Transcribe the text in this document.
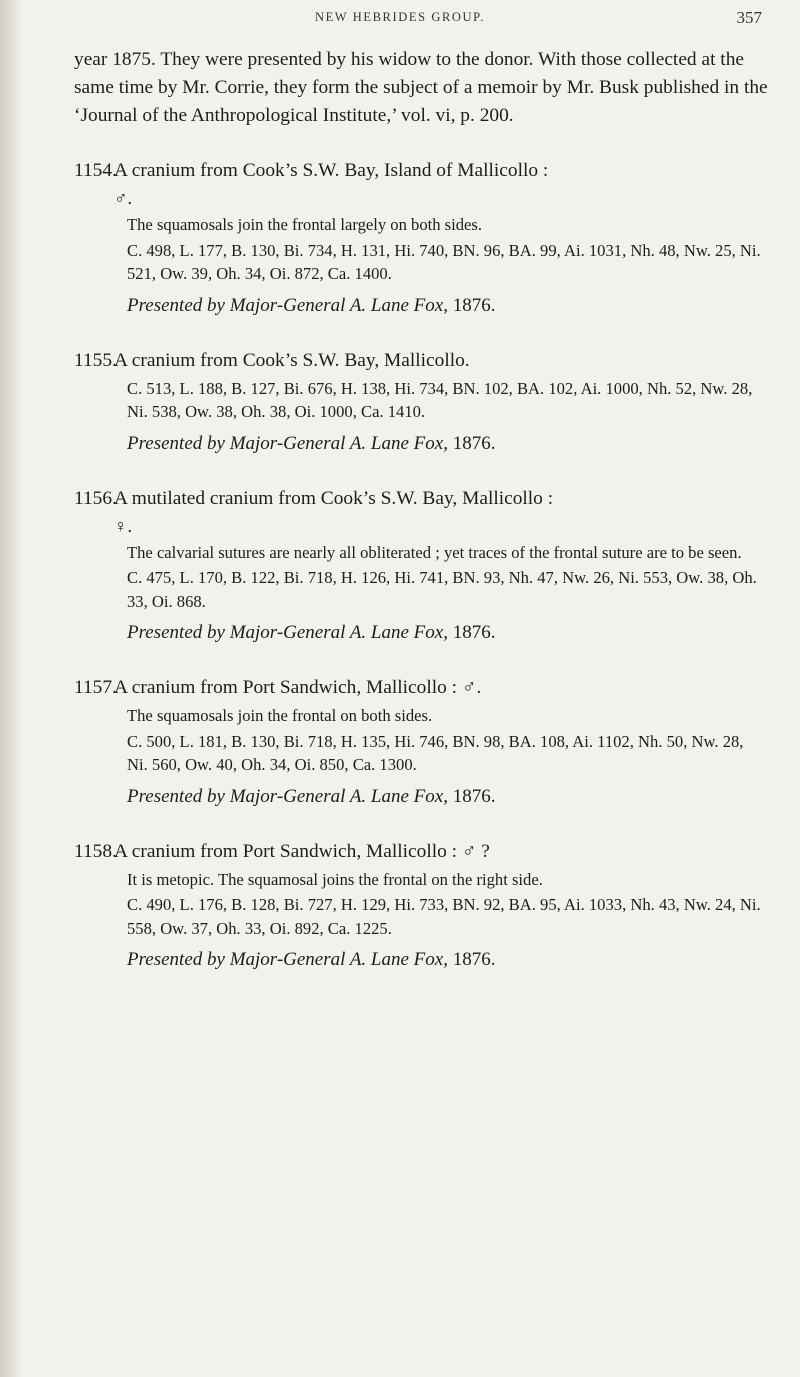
NEW HEBRIDES GROUP.	357

year 1875. They were presented by his widow to the donor. With those collected at the same time by Mr. Corrie, they form the subject of a memoir by Mr. Busk published in the ‘Journal of the Anthropological Institute,’ vol. vi, p. 200.

1154.A cranium from Cook’s S.W. Bay, Island of Mallicollo :

♂.

The squamosals join the frontal largely on both sides.

C. 498, L. 177, B. 130, Bi. 734, H. 131, Hi. 740, BN. 96, BA. 99, Ai. 1031, Nh. 48, Nw. 25, Ni. 521, Ow. 39, Oh. 34, Oi. 872, Ca. 1400.

Presented by Major-General A. Lane Fox, 1876.

1155.A cranium from Cook’s S.W. Bay, Mallicollo.

C. 513, L. 188, B. 127, Bi. 676, H. 138, Hi. 734, BN. 102, BA. 102, Ai. 1000, Nh. 52, Nw. 28, Ni. 538, Ow. 38, Oh. 38, Oi. 1000, Ca. 1410.

Presented by Major-General A. Lane Fox, 1876.

1156.A mutilated cranium from Cook’s S.W. Bay, Mallicollo :

♀.

The calvarial sutures are nearly all obliterated ; yet traces of the frontal suture are to be seen.

C. 475, L. 170, B. 122, Bi. 718, H. 126, Hi. 741, BN. 93, Nh. 47, Nw. 26, Ni. 553, Ow. 38, Oh. 33, Oi. 868.

Presented by Major-General A. Lane Fox, 1876.

1157.A cranium from Port Sandwich, Mallicollo : ♂.

The squamosals join the frontal on both sides.

C. 500, L. 181, B. 130, Bi. 718, H. 135, Hi. 746, BN. 98, BA. 108, Ai. 1102, Nh. 50, Nw. 28, Ni. 560, Ow. 40, Oh. 34, Oi. 850, Ca. 1300.

Presented by Major-General A. Lane Fox, 1876.

1158.A cranium from Port Sandwich, Mallicollo : ♂ ?

It is metopic. The squamosal joins the frontal on the right side.

C. 490, L. 176, B. 128, Bi. 727, H. 129, Hi. 733, BN. 92, BA. 95, Ai. 1033, Nh. 43, Nw. 24, Ni. 558, Ow. 37, Oh. 33, Oi. 892, Ca. 1225.

Presented by Major-General A. Lane Fox, 1876.
